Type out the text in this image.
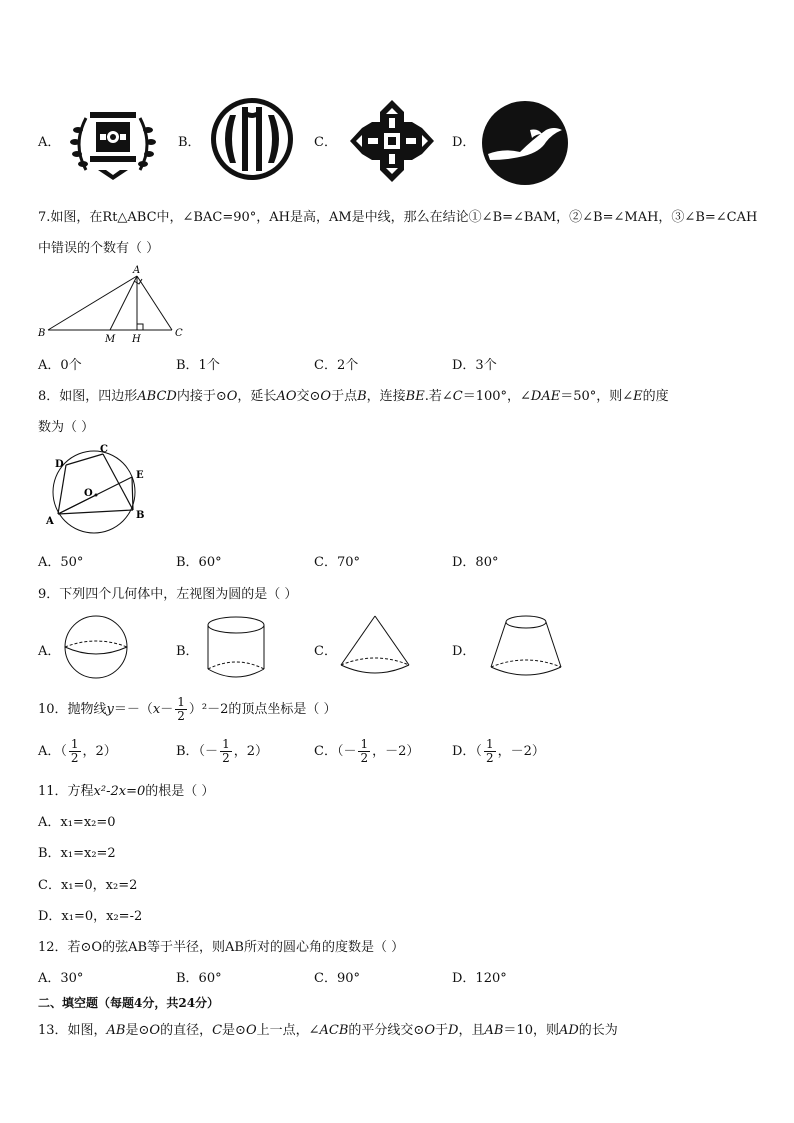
A．	B．	C．	D．
7.如图，在Rt△ABC中，∠BAC=90°，AH是高，AM是中线，那么在结论①∠B=∠BAM，②∠B=∠MAH，③∠B=∠CAH
中错误的个数有（ ）
A
B
M H
C
A．0个	B．1个	C．2个	D．3个
8．如图，四边形ABCD内接于⊙O，延长AO交⊙O于点B，连接BE.若∠C＝100°，∠DAE＝50°，则∠E的度
数为（ ）
D
C
E
O
A
B
A．50°	B．60°	C．70°	D．80°
9．下列四个几何体中，左视图为圆的是（ ）
A．	B．	C．	D．
10．抛物线$y=-(x- \frac{1}{2} )^2-2$的顶点坐标是（ ）
A．（ $\frac{1}{2}$ ，2）	B．（－ $\frac{1}{2}$ ，2）	C．（－ $\frac{1}{2}$ ，－2）	D．（ $\frac{1}{2}$ ，－2）
11．方程x²-2x=0的根是（ ）
A．x₁=x₂=0
B．x₁=x₂=2
C．x₁=0，x₂=2
D．x₁=0，x₂=-2
12．若⊙O的弦AB等于半径，则AB所对的圆心角的度数是（ ）
A．30°	B．60°	C．90°	D．120°
二、填空题（每题4分，共24分）
13．如图，AB是⊙O的直径，C是⊙O上一点，∠ACB的平分线交⊙O于D，且AB＝10，则AD的长为
